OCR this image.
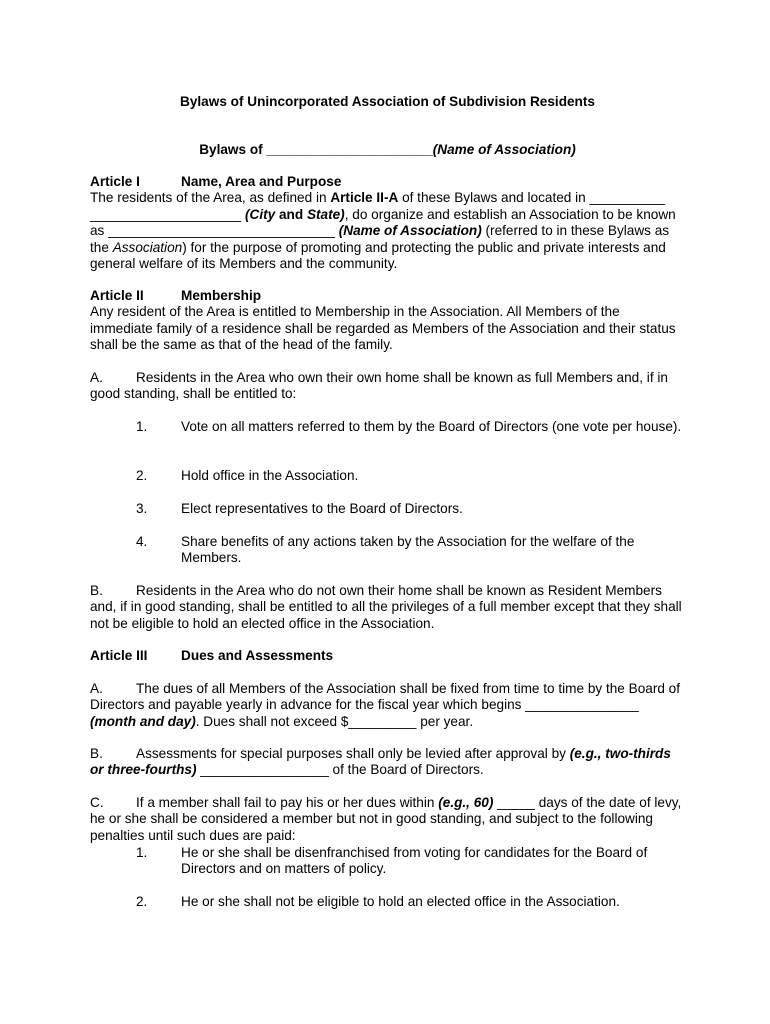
Bylaws of Unincorporated Association of Subdivision Residents
Bylaws of ______________________(Name of Association)
Article I	Name, Area and Purpose

The residents of the Area, as defined in Article II-A of these Bylaws and located in __________ ____________________ (City and State), do organize and establish an Association to be known as ______________________________ (Name of Association) (referred to in these Bylaws as the Association) for the purpose of promoting and protecting the public and private interests and general welfare of its Members and the community.

Article II	Membership

Any resident of the Area is entitled to Membership in the Association. All Members of the immediate family of a residence shall be regarded as Members of the Association and their status shall be the same as that of the head of the family.

A. Residents in the Area who own their own home shall be known as full Members and, if in good standing, shall be entitled to:

1.	Vote on all matters referred to them by the Board of Directors (one vote per house).
2.	Hold office in the Association.
3.	Elect representatives to the Board of Directors.
4.	Share benefits of any actions taken by the Association for the welfare of the Members.

B. Residents in the Area who do not own their home shall be known as Resident Members and, if in good standing, shall be entitled to all the privileges of a full member except that they shall not be eligible to hold an elected office in the Association.

Article III Dues and Assessments

A. The dues of all Members of the Association shall be fixed from time to time by the Board of Directors and payable yearly in advance for the fiscal year which begins _______________ (month and day). Dues shall not exceed $_________ per year.

B. Assessments for special purposes shall only be levied after approval by (e.g., two-thirds or three-fourths) _________________ of the Board of Directors.

C. If a member shall fail to pay his or her dues within (e.g., 60) _____ days of the date of levy, he or she shall be considered a member but not in good standing, and subject to the following penalties until such dues are paid:

1.	He or she shall be disenfranchised from voting for candidates for the Board of Directors and on matters of policy.
2.	He or she shall not be eligible to hold an elected office in the Association.
